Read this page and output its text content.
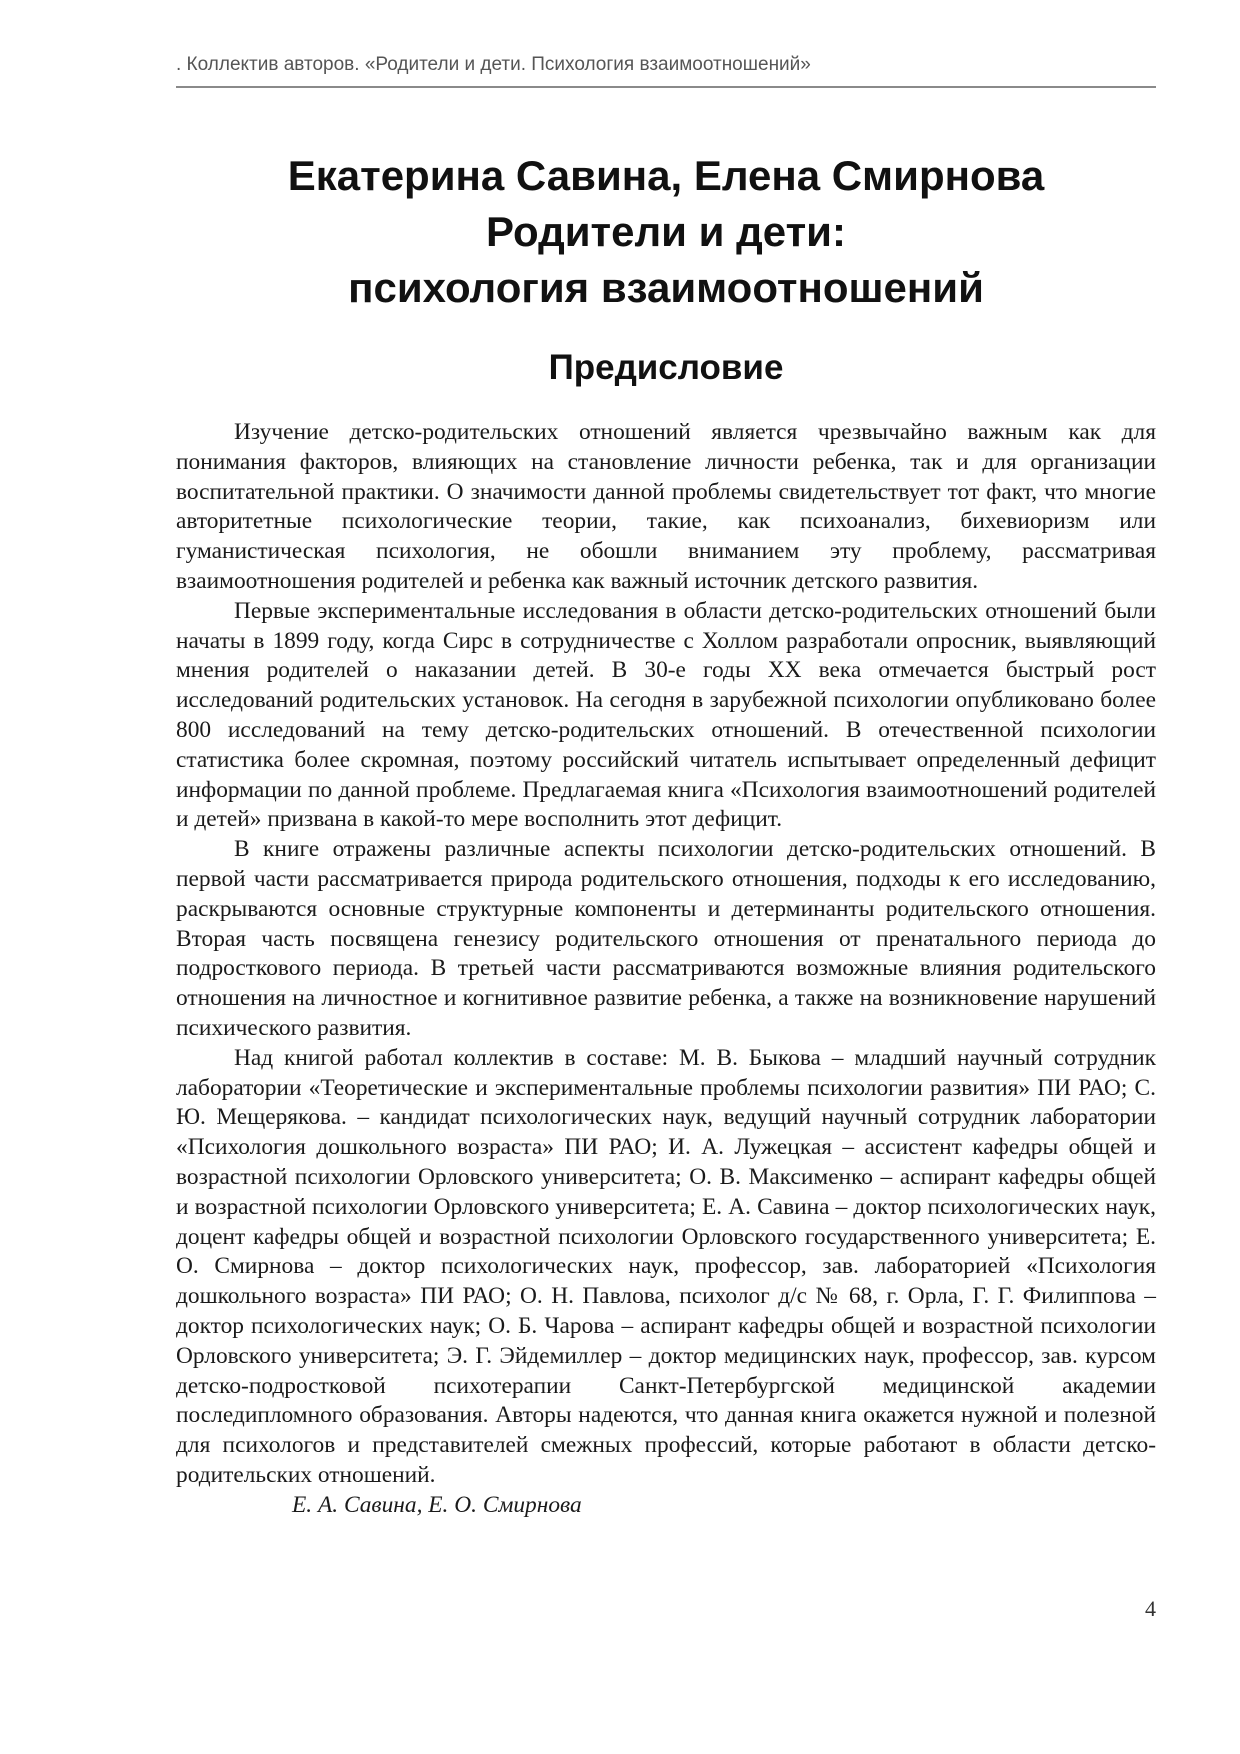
. Коллектив авторов. «Родители и дети. Психология взаимоотношений»
Екатерина Савина, Елена Смирнова
Родители и дети:
психология взаимоотношений
Предисловие

Изучение детско-родительских отношений является чрезвычайно важным как для понимания факторов, влияющих на становление личности ребенка, так и для организации воспитательной практики. О значимости данной проблемы свидетельствует тот факт, что многие авторитетные психологические теории, такие, как психоанализ, бихевиоризм или гуманистическая психология, не обошли вниманием эту проблему, рассматривая взаимоотношения родителей и ребенка как важный источник детского развития.

Первые экспериментальные исследования в области детско-родительских отношений были начаты в 1899 году, когда Сирс в сотрудничестве с Холлом разработали опросник, выявляющий мнения родителей о наказании детей. В 30-е годы XX века отмечается быстрый рост исследований родительских установок. На сегодня в зарубежной психологии опубликовано более 800 исследований на тему детско-родительских отношений. В отечественной психологии статистика более скромная, поэтому российский читатель испытывает определенный дефицит информации по данной проблеме. Предлагаемая книга «Психология взаимоотношений родителей и детей» призвана в какой-то мере восполнить этот дефицит.

В книге отражены различные аспекты психологии детско-родительских отношений. В первой части рассматривается природа родительского отношения, подходы к его исследованию, раскрываются основные структурные компоненты и детерминанты родительского отношения. Вторая часть посвящена генезису родительского отношения от пренатального периода до подросткового периода. В третьей части рассматриваются возможные влияния родительского отношения на личностное и когнитивное развитие ребенка, а также на возникновение нарушений психического развития.

Над книгой работал коллектив в составе: М. В. Быкова – младший научный сотрудник лаборатории «Теоретические и экспериментальные проблемы психологии развития» ПИ РАО; С. Ю. Мещерякова. – кандидат психологических наук, ведущий научный сотрудник лаборатории «Психология дошкольного возраста» ПИ РАО; И. А. Лужецкая – ассистент кафедры общей и возрастной психологии Орловского университета; О. В. Максименко – аспирант кафедры общей и возрастной психологии Орловского университета; Е. А. Савина – доктор психологических наук, доцент кафедры общей и возрастной психологии Орловского государственного университета; Е. О. Смирнова – доктор психологических наук, профессор, зав. лабораторией «Психология дошкольного возраста» ПИ РАО; О. Н. Павлова, психолог д/с № 68, г. Орла, Г. Г. Филиппова – доктор психологических наук; О. Б. Чарова – аспирант кафедры общей и возрастной психологии Орловского университета; Э. Г. Эйдемиллер – доктор медицинских наук, профессор, зав. курсом детско-подростковой психотерапии Санкт-Петербургской медицинской академии последипломного образования. Авторы надеются, что данная книга окажется нужной и полезной для психологов и представителей смежных профессий, которые работают в области детско-родительских отношений.

Е. А. Савина, Е. О. Смирнова

4
